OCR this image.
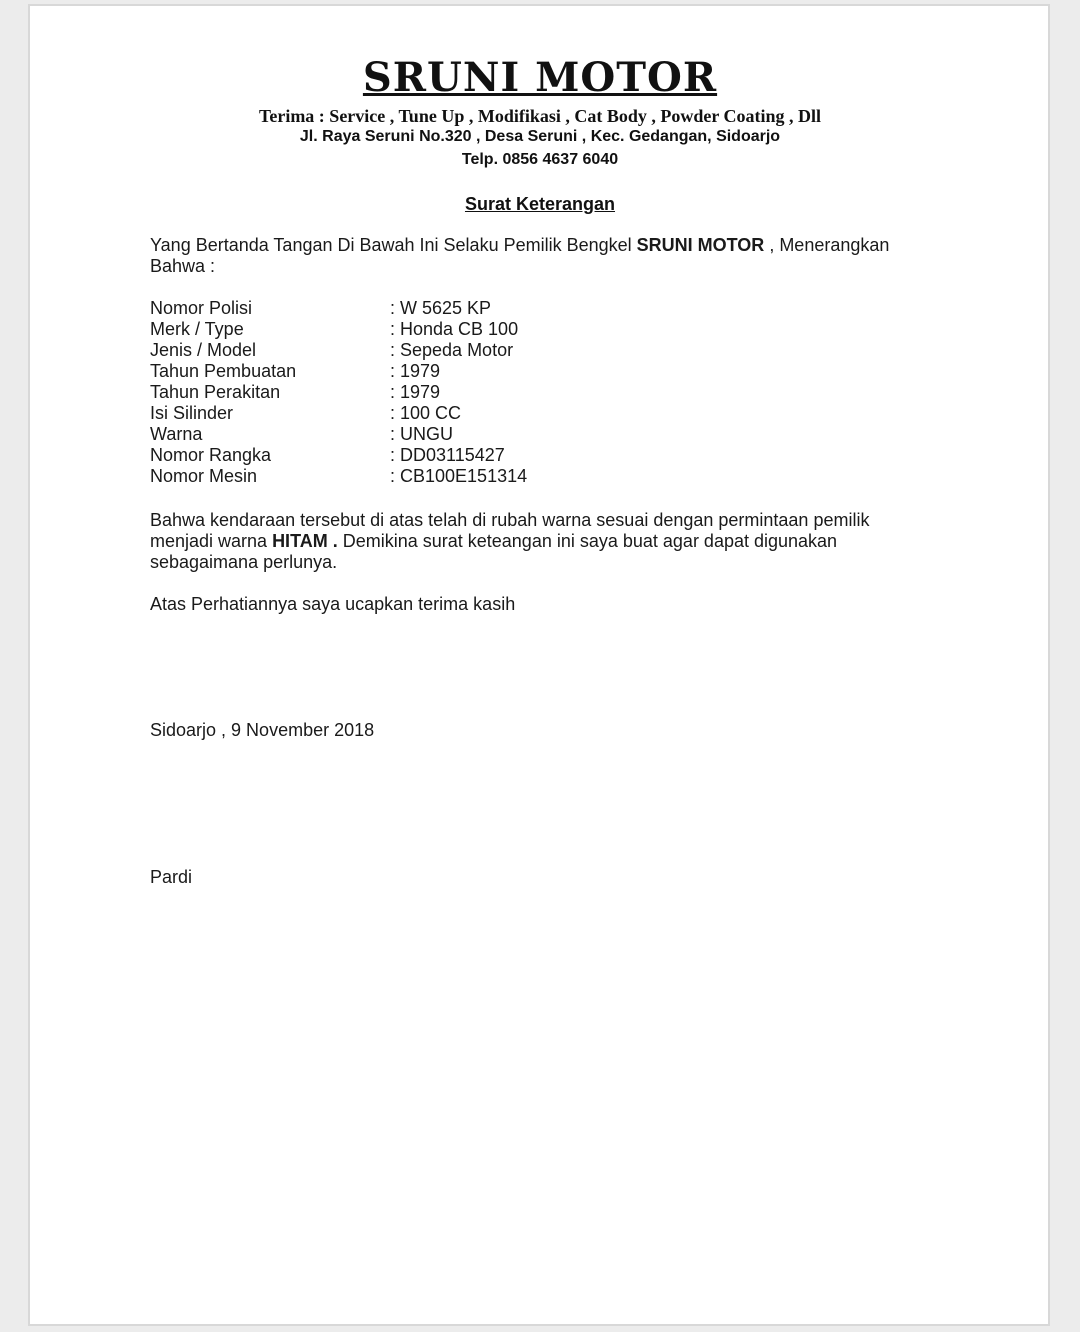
SRUNI MOTOR
Terima : Service , Tune Up , Modifikasi , Cat Body , Powder Coating , Dll
Jl. Raya Seruni No.320 , Desa Seruni , Kec. Gedangan, Sidoarjo
Telp. 0856 4637 6040
Surat Keterangan
Yang Bertanda Tangan Di Bawah Ini Selaku Pemilik Bengkel SRUNI MOTOR , Menerangkan Bahwa :
Nomor Polisi	: W 5625 KP
Merk / Type	: Honda CB 100
Jenis / Model	: Sepeda Motor
Tahun Pembuatan	: 1979
Tahun Perakitan	: 1979
Isi Silinder	: 100 CC
Warna	: UNGU
Nomor Rangka	: DD03115427
Nomor Mesin	: CB100E151314
Bahwa kendaraan tersebut di atas telah di rubah warna sesuai dengan permintaan pemilik menjadi warna HITAM . Demikina surat keteangan ini saya buat agar dapat digunakan sebagaimana perlunya.
Atas Perhatiannya saya ucapkan terima kasih
Sidoarjo , 9 November 2018
Pardi
